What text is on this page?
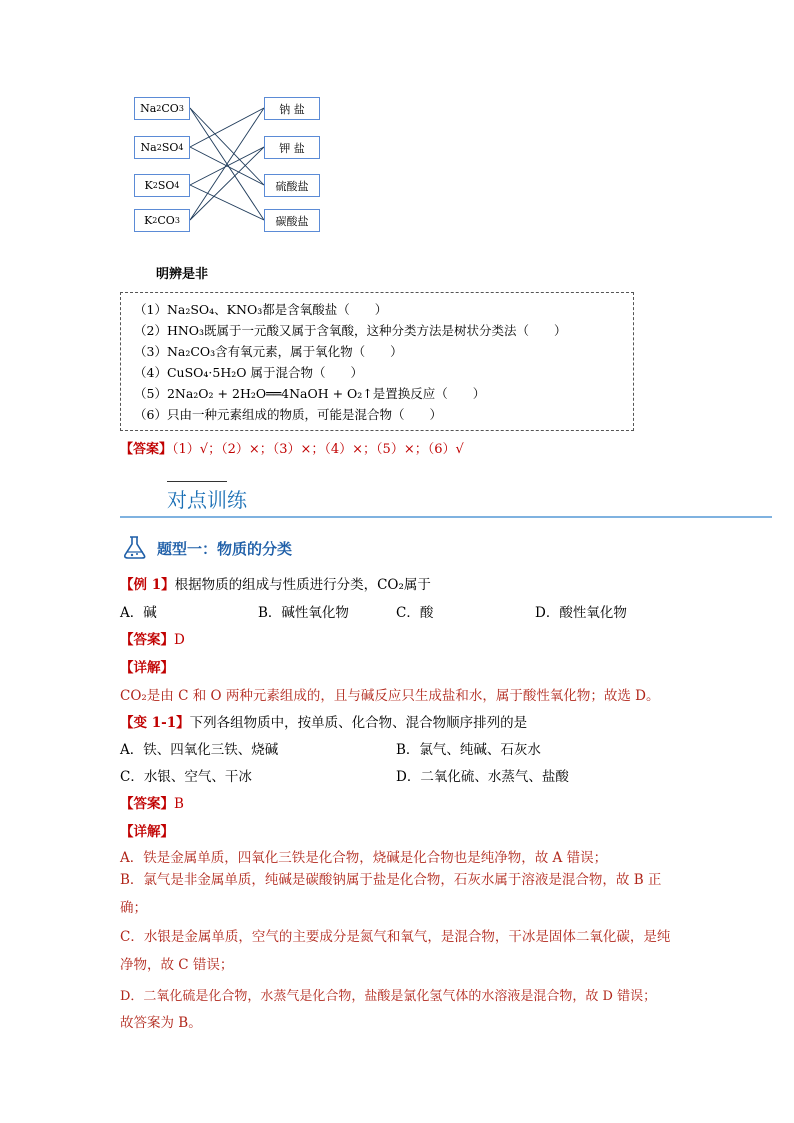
Na 2 CO 3
Na 2 SO 4
K 2 SO 4
K 2 CO 3
钠 盐
钾 盐
硫酸盐
碳酸盐
明辨是非
（1）Na₂SO₄、KNO₃都是含氧酸盐（　　）
（2）HNO₃既属于一元酸又属于含氧酸，这种分类方法是树状分类法（　　）
（3）Na₂CO₃含有氧元素，属于氧化物（　　）
（4）CuSO₄·5H₂O 属于混合物（　　）
（5）2Na₂O₂ + 2H₂O══4NaOH + O₂↑是置换反应（　　）
（6）只由一种元素组成的物质，可能是混合物（　　）
【答案】（1）√；（2）×；（3）×；（4）×；（5）×；（6）√
对点训练
题型一：物质的分类
【例 1】根据物质的组成与性质进行分类，CO₂属于
A．碱	B．碱性氧化物	C．酸	D．酸性氧化物
【答案】D
【详解】
CO₂是由 C 和 O 两种元素组成的，且与碱反应只生成盐和水，属于酸性氧化物；故选 D。
【变 1-1】下列各组物质中，按单质、化合物、混合物顺序排列的是
A．铁、四氧化三铁、烧碱	B．氯气、纯碱、石灰水
C．水银、空气、干冰	D．二氧化硫、水蒸气、盐酸
【答案】B
【详解】
A．铁是金属单质，四氧化三铁是化合物，烧碱是化合物也是纯净物，故 A 错误；
B．氯气是非金属单质，纯碱是碳酸钠属于盐是化合物，石灰水属于溶液是混合物，故 B 正确；
C．水银是金属单质，空气的主要成分是氮气和氧气，是混合物，干冰是固体二氧化碳，是纯净物，故 C 错误；
D．二氧化硫是化合物，水蒸气是化合物，盐酸是氯化氢气体的水溶液是混合物，故 D 错误；
故答案为 B。
